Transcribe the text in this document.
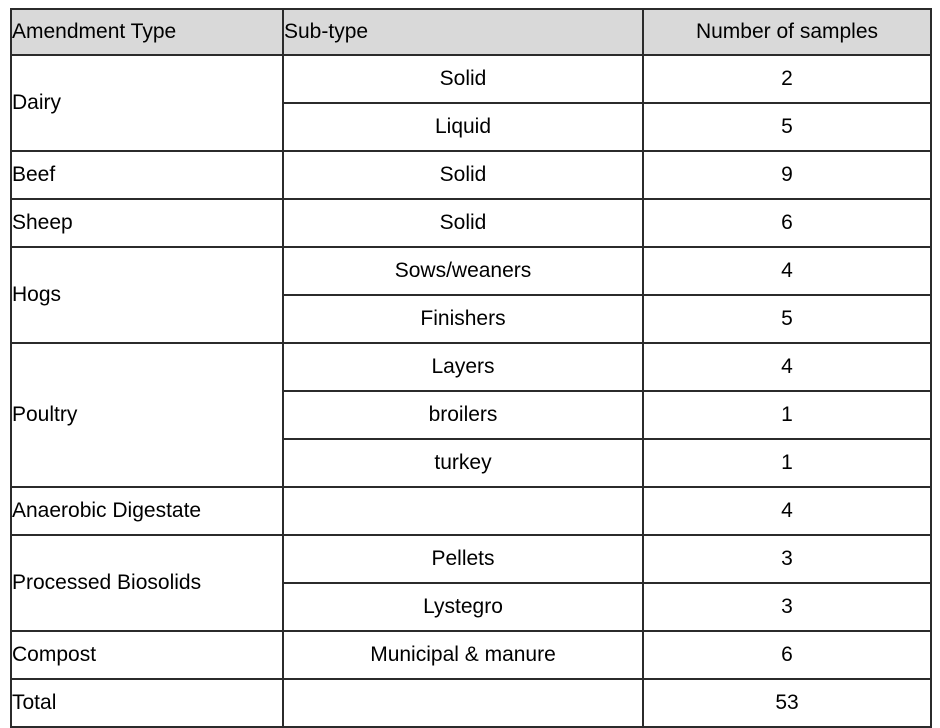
Amendment Type	Sub-type	Number of samples
Dairy	Solid	2
	Liquid	5
Beef	Solid	9
Sheep	Solid	6
Hogs	Sows/weaners	4
	Finishers	5
Poultry	Layers	4
	broilers	1
	turkey	1
Anaerobic Digestate		4
Processed Biosolids	Pellets	3
	Lystegro	3
Compost	Municipal & manure	6
Total		53
